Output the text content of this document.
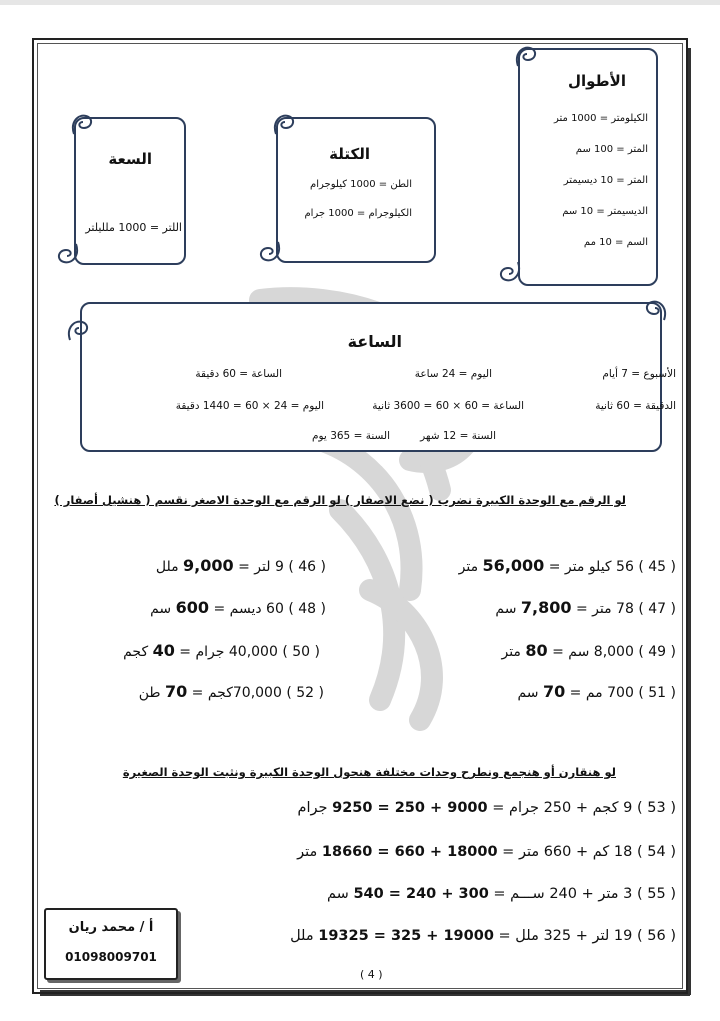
الأطوال
الكيلومتر = 1000 متر
المتر = 100 سم
المتر = 10 ديسيمتر
الديسيمتر = 10 سم
السم = 10 مم
الكتلة
الطن = 1000 كيلوجرام
الكيلوجرام = 1000 جرام
السعة
اللتر = 1000 ملليلتر
الساعة
الأسبوع = 7 أيام
اليوم = 24 ساعة
الساعة = 60 دقيقة
الدقيقة = 60 ثانية
الساعة = 60 × 60 = 3600 ثانية
اليوم = 24 × 60 = 1440 دقيقة
السنة = 12 شهر
السنة = 365 يوم
لو الرقم مع الوحدة الكبيرة نضرب ( نضع الاصفار ) لو الرقم مع الوحدة الاصغر نقسم ( هنشيل أصفار )
( 45 ) 56 كيلو متر = 56,000 متر
( 46 ) 9 لتر = 9,000 ملل
( 47 ) 78 متر = 7,800 سم
( 48 ) 60 ديسم = 600 سم
( 49 ) 8,000 سم = 80 متر
( 50 ) 40,000 جرام = 40 كجم
( 51 ) 700 مم = 70 سم
( 52 ) 70,000كجم = 70 طن
لو هنقارن أو هنجمع ونطرح وحدات مختلفة هنحول الوحدة الكبيرة ونثبت الوحدة الصغيرة
( 53 ) 9 كجم + 250 جرام = 9000 + 250 = 9250 جرام
( 54 ) 18 كم + 660 متر = 18000 + 660 = 18660 متر
( 55 ) 3 متر + 240 ســـم = 300 + 240 = 540 سم
( 56 ) 19 لتر + 325 ملل = 19000 + 325 = 19325 ملل
أ / محمد ريان
01098009701
( 4 )
